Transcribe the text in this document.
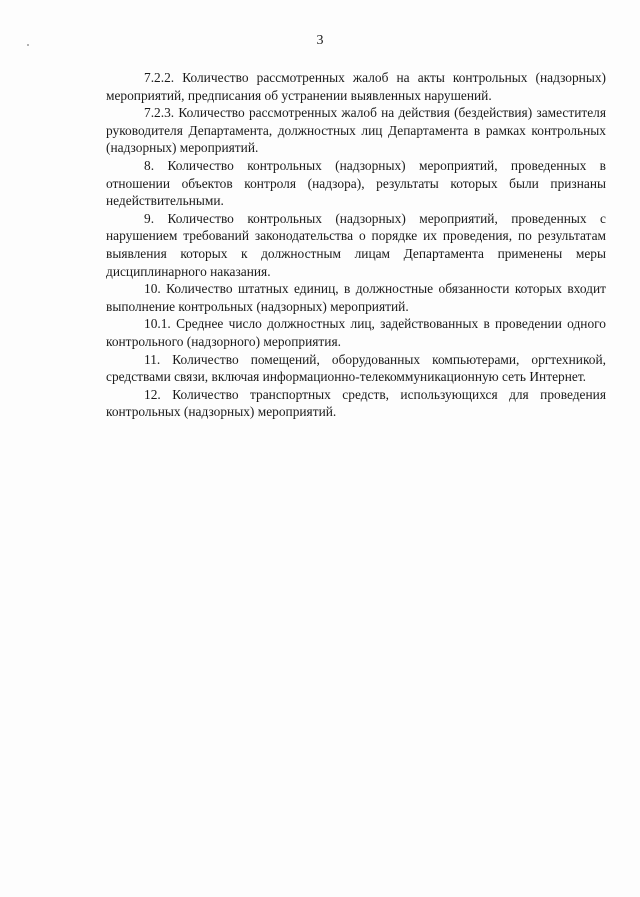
3

7.2.2. Количество рассмотренных жалоб на акты контрольных (надзорных) мероприятий, предписания об устранении выявленных нарушений.

7.2.3. Количество рассмотренных жалоб на действия (бездействия) заместителя руководителя Департамента, должностных лиц Департамента в рамках контрольных (надзорных) мероприятий.

8. Количество контрольных (надзорных) мероприятий, проведенных в отношении объектов контроля (надзора), результаты которых были признаны недействительными.

9. Количество контрольных (надзорных) мероприятий, проведенных с нарушением требований законодательства о порядке их проведения, по результатам выявления которых к должностным лицам Департамента применены меры дисциплинарного наказания.

10. Количество штатных единиц, в должностные обязанности которых входит выполнение контрольных (надзорных) мероприятий.

10.1. Среднее число должностных лиц, задействованных в проведении одного контрольного (надзорного) мероприятия.

11. Количество помещений, оборудованных компьютерами, оргтехникой, средствами связи, включая информационно-телекоммуникационную сеть Интернет.

12. Количество транспортных средств, использующихся для проведения контрольных (надзорных) мероприятий.
